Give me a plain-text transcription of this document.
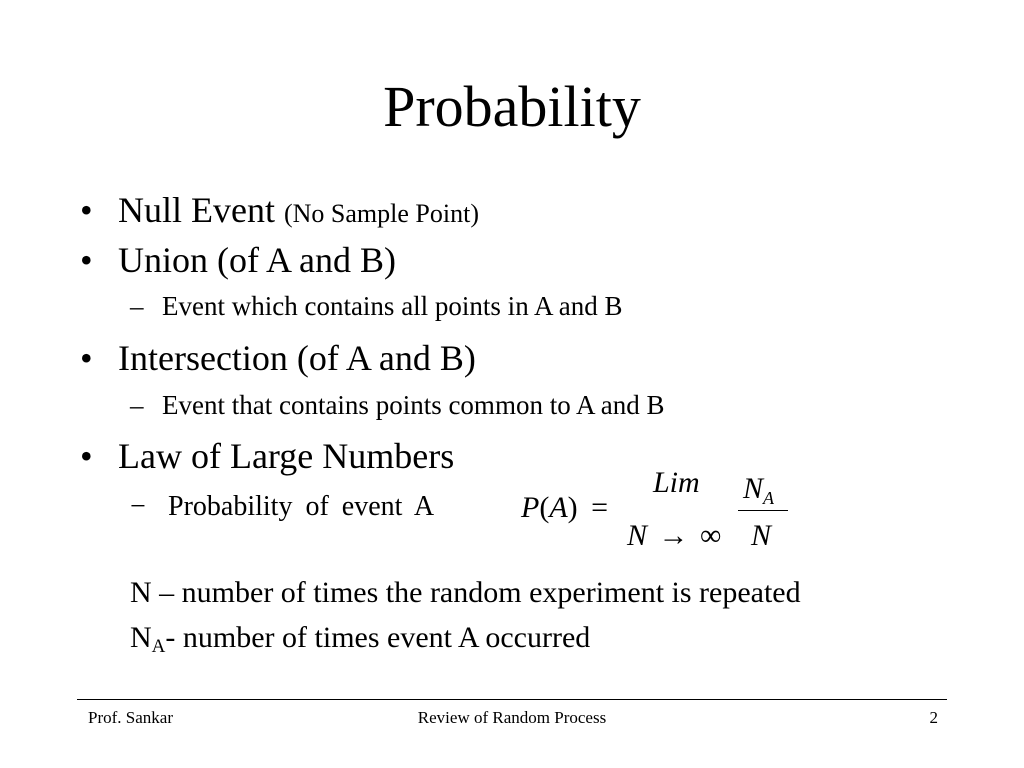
Probability
• Null Event (No Sample Point)
• Union (of A and B)
– Event which contains all points in A and B
• Intersection (of A and B)
– Event that contains points common to A and B
• Law of Large Numbers
− Probability of event A	P(A) =
Lim
N → ∞
$N_A$
N
N – number of times the random experiment is repeated
$N_A-$ number of times event A occurred
Prof. Sankar	Review of Random Process	2
